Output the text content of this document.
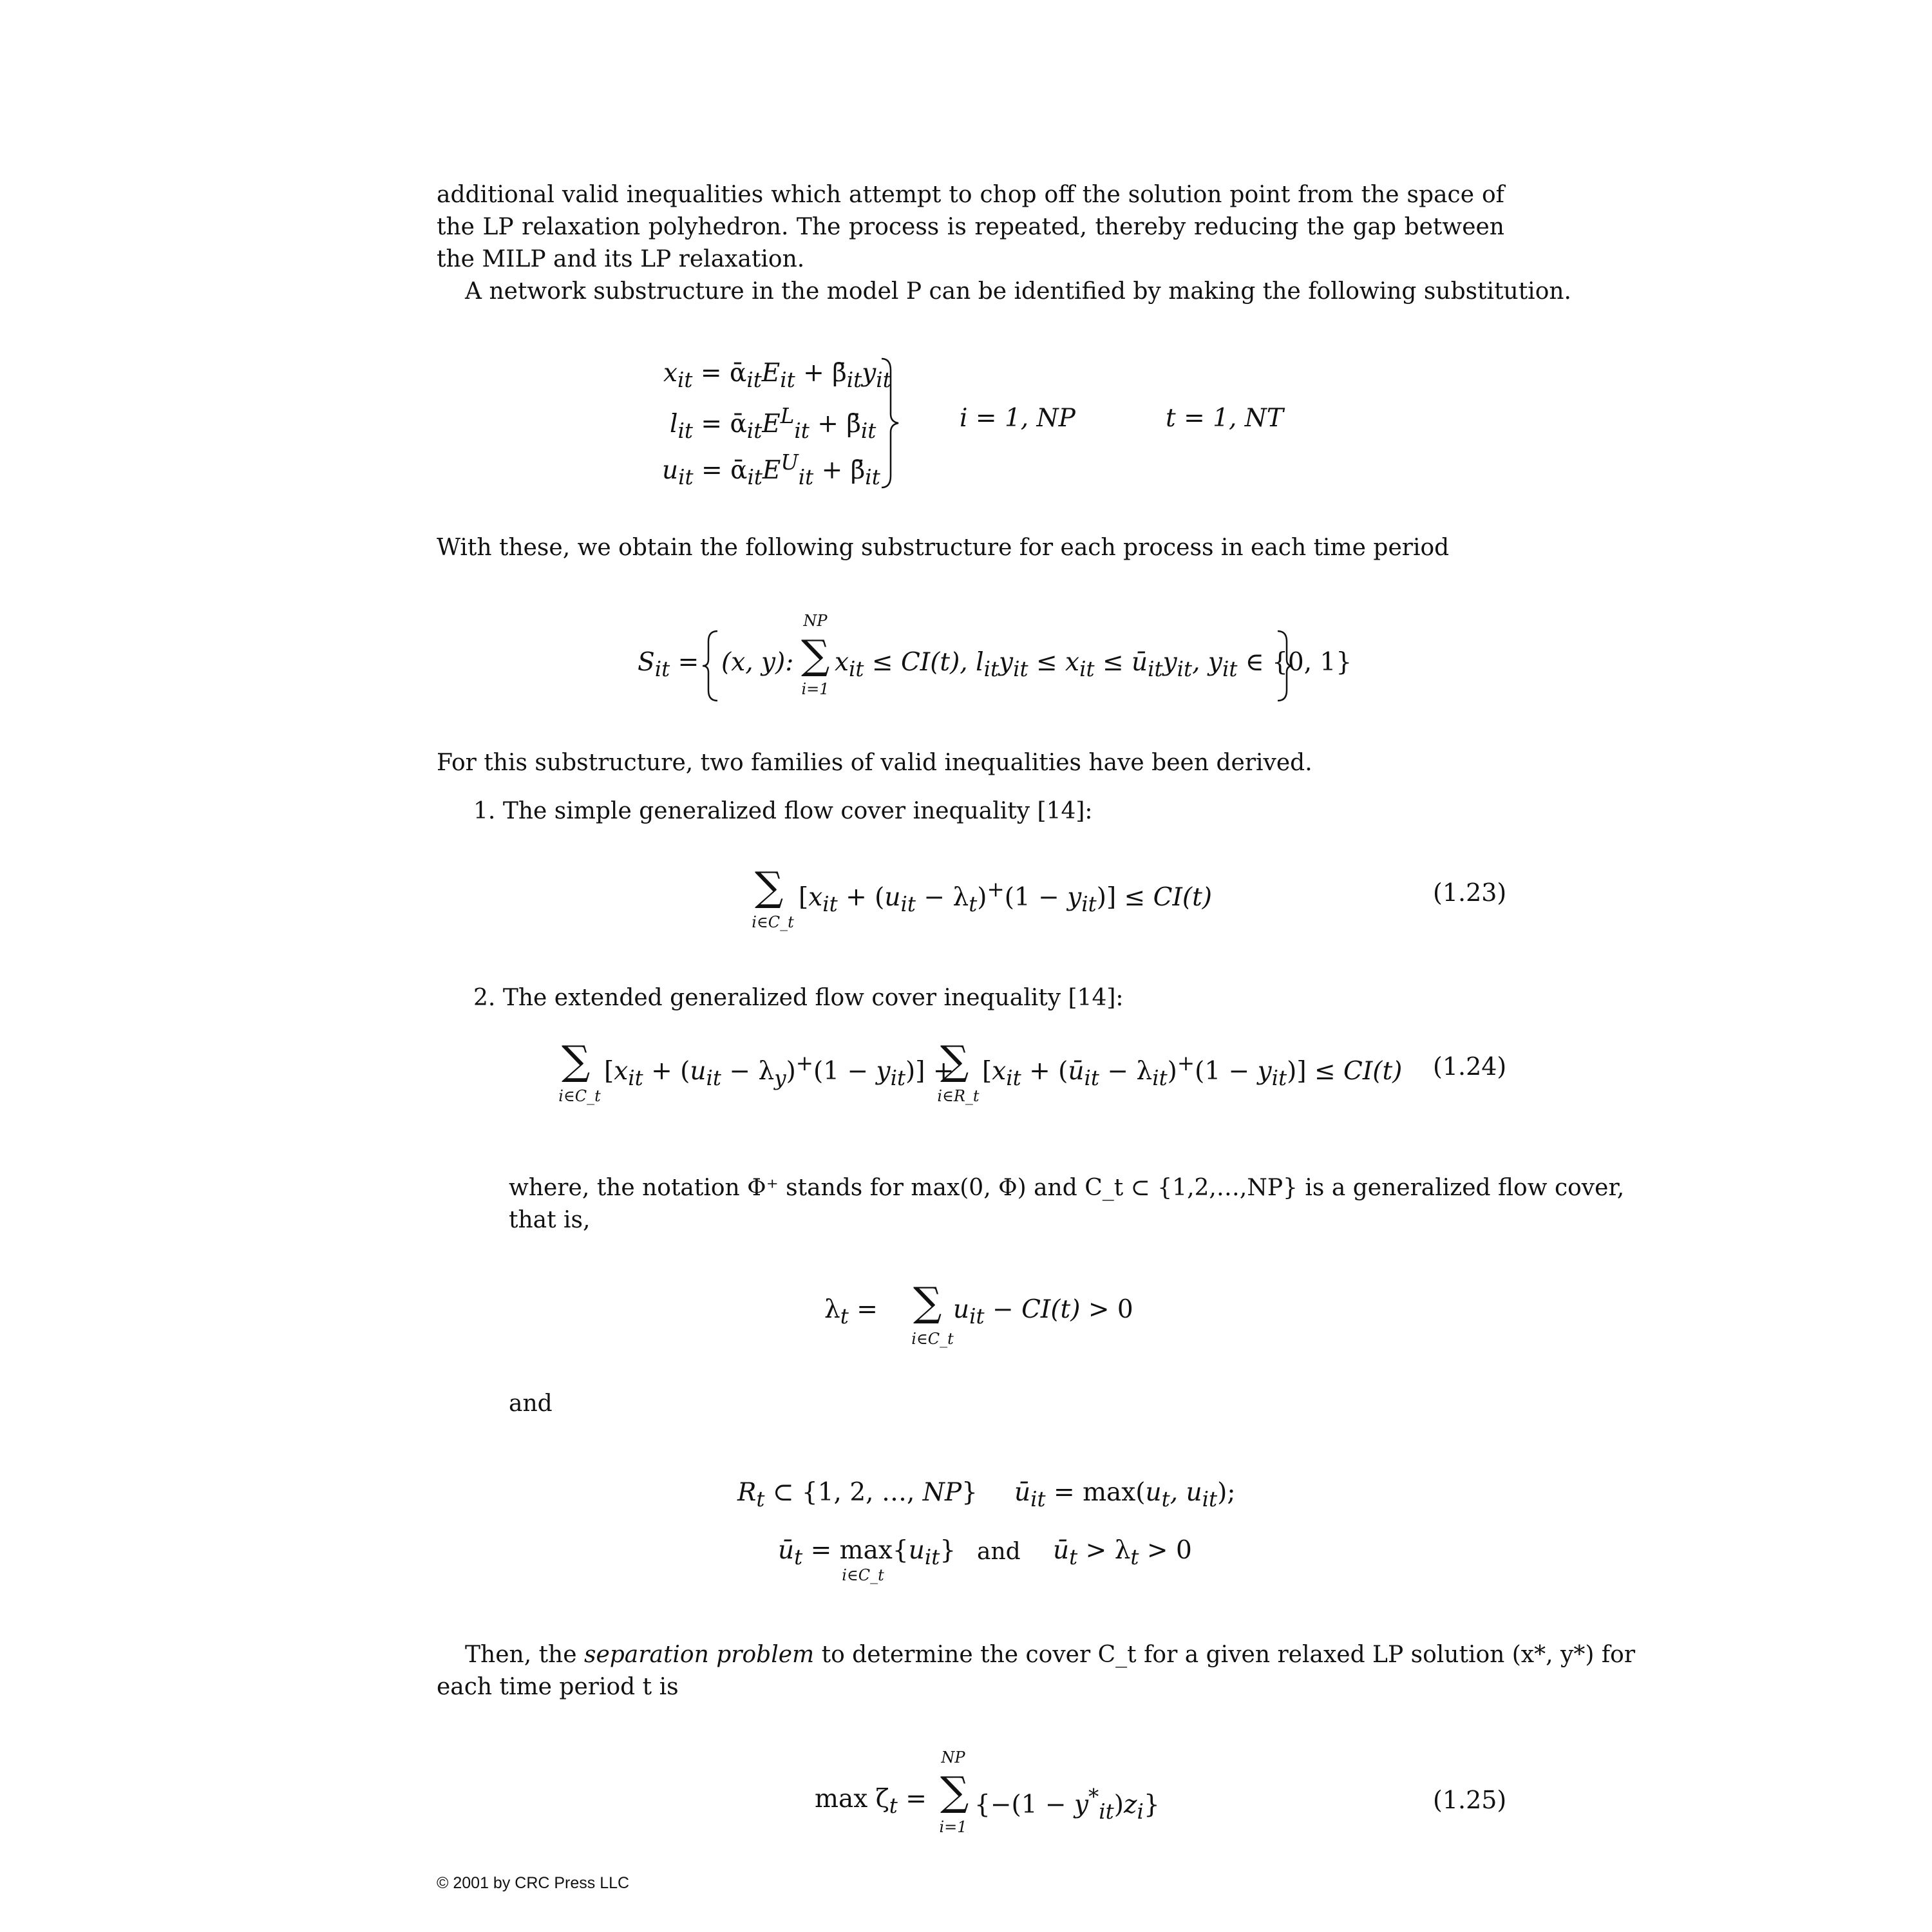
additional valid inequalities which attempt to chop off the solution point from the space of the LP relaxation polyhedron. The process is repeated, thereby reducing the gap between the MILP and its LP relaxation.
A network substructure in the model P can be identified by making the following substitution.
$x_{it}$ = $ᾱ_{it}E_{it}$ + $\betā_{it}y_{it}$
$l_{it}$ = $ᾱ_{it}E^L_{it}$ + $\betā_{it}$
$u_{it}$ = $ᾱ_{it}E^U_{it}$ + $\betā_{it}$
i = 1, NP	t = 1, NT
With these, we obtain the following substructure for each process in each time period
$S_{it} = (x$, y):
NP
∑
i=1
$x_{it} \le CI(t)$, $l_{it}y_{it} \le x_{it}$ ≤ $ū_{it}y_{it}$, $y_{it}$ ∈ {0, 1}
For this substructure, two families of valid inequalities have been derived.
1. The simple generalized flow cover inequality [14]:
∑
i∈C_t
$[x_{it} + (u_{it} - \lambda_t)^+(1 - y_{it})] \le CI(t)$	(1.23)
2. The extended generalized flow cover inequality [14]:
∑
i∈C_t
$[x_{it} + (u_{it} - \lambda_y)^+(1 - y_{it})]$ +
∑
i∈R_t
[$x_{it}$ + $(ū_{it} - \lambda_{it})^+(1 - y_{it})] \le CI(t)$ (1.24)
where, the notation Φ⁺ stands for max(0, Φ) and C_t ⊂ {1,2,…,NP} is a generalized flow cover,
that is,
$\lambda_t$ = ∑
i∈C_t
$u_{it} - CI(t) > 0$
and
$R_t$ ⊂ {1, 2, …, NP} $ū_{it} = \max(u_t$, $u_{it}$);
$ū_t = \max\{u_{it}\}$
i∈C_t
and $ū_t > \lambda_t > 0$
Then, the separation problem to determine the cover C_t for a given relaxed LP solution (x*, y*) for
each time period t is
$\max \zeta_t$ =
NP
∑
i=1
$\{-(1 - y^*_{it})z_i\}$	(1.25)
© 2001 by CRC Press LLC
